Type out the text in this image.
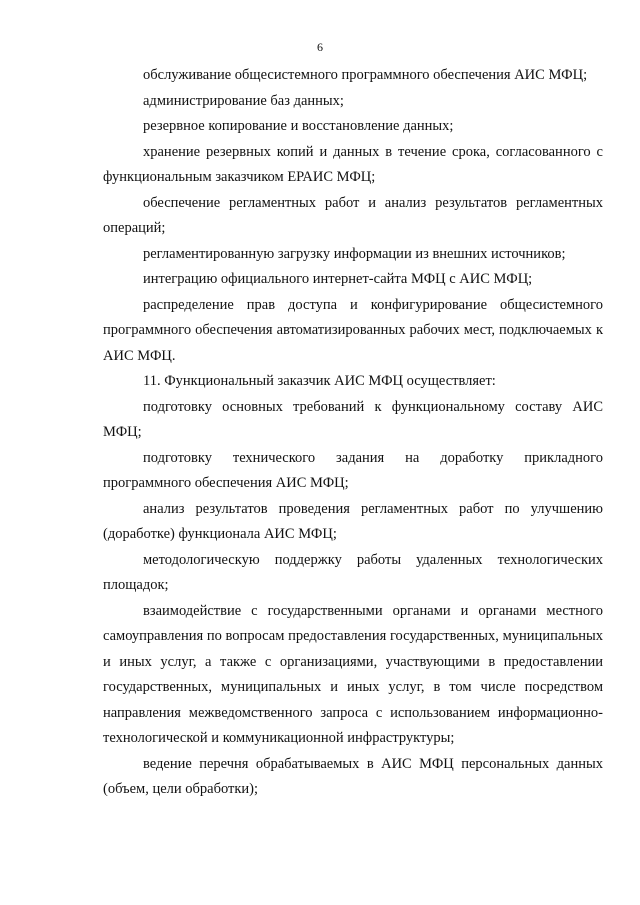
6

обслуживание общесистемного программного обеспечения АИС МФЦ;

администрирование баз данных;

резервное копирование и восстановление данных;

хранение резервных копий и данных в течение срока, согласованного с функциональным заказчиком ЕРАИС МФЦ;

обеспечение регламентных работ и анализ результатов регламентных операций;

регламентированную загрузку информации из внешних источников;

интеграцию официального интернет-сайта МФЦ с АИС МФЦ;

распределение прав доступа и конфигурирование общесистемного программного обеспечения автоматизированных рабочих мест, подключаемых к АИС МФЦ.

11. Функциональный заказчик АИС МФЦ осуществляет:

подготовку основных требований к функциональному составу АИС МФЦ;

подготовку технического задания на доработку прикладного программного обеспечения АИС МФЦ;

анализ результатов проведения регламентных работ по улучшению (доработке) функционала АИС МФЦ;

методологическую поддержку работы удаленных технологических площадок;

взаимодействие с государственными органами и органами местного самоуправления по вопросам предоставления государственных, муниципальных и иных услуг, а также с организациями, участвующими в предоставлении государственных, муниципальных и иных услуг, в том числе посредством направления межведомственного запроса с использованием информационно-технологической и коммуникационной инфраструктуры;

ведение перечня обрабатываемых в АИС МФЦ персональных данных (объем, цели обработки);
